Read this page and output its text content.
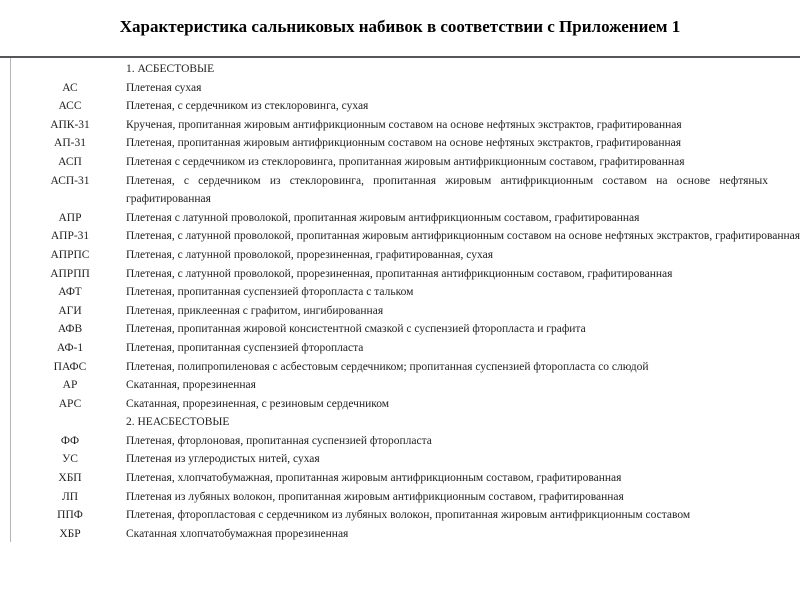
Характеристика сальниковых набивок в соответствии с Приложением 1
1. АСБЕСТОВЫЕ
АС	Плетеная сухая
АСС	Плетеная, с сердечником из стеклоровинга, сухая
АПК-31	Крученая, пропитанная жировым антифрикционным составом на основе нефтяных экстрактов, графитированная
АП-31	Плетеная, пропитанная жировым антифрикционным составом на основе нефтяных экстрактов, графитированная
АСП	Плетеная с сердечником из стеклоровинга, пропитанная жировым антифрикционным составом, графитированная
АСП-31	Плетеная, с сердечником из стеклоровинга, пропитанная жировым антифрикционным составом на основе нефтяных
графитированная
АПР	Плетеная с латунной проволокой, пропитанная жировым антифрикционным составом, графитированная
АПР-31	Плетеная, с латунной проволокой, пропитанная жировым антифрикционным составом на основе нефтяных экстрактов, графитированная
АПРПС	Плетеная, с латунной проволокой, прорезиненная, графитированная, сухая
АПРПП	Плетеная, с латунной проволокой, прорезиненная, пропитанная антифрикционным составом, графитированная
АФТ	Плетеная, пропитанная суспензией фторопласта с тальком
АГИ	Плетеная, приклеенная с графитом, ингибированная
АФВ	Плетеная, пропитанная жировой консистентной смазкой с суспензией фторопласта и графита
АФ-1	Плетеная, пропитанная суспензией фторопласта
ПАФС	Плетеная, полипропиленовая с асбестовым сердечником; пропитанная суспензией фторопласта со слюдой
АР	Скатанная, прорезиненная
АРС	Скатанная, прорезиненная, с резиновым сердечником
2. НЕАСБЕСТОВЫЕ
ФФ	Плетеная, фторлоновая, пропитанная суспензией фторопласта
УС	Плетеная из углеродистых нитей, сухая
ХБП	Плетеная, хлопчатобумажная, пропитанная жировым антифрикционным составом, графитированная
ЛП	Плетеная из лубяных волокон, пропитанная жировым антифрикционным составом, графитированная
ППФ	Плетеная, фторопластовая с сердечником из лубяных волокон, пропитанная жировым антифрикционным составом
ХБР	Скатанная хлопчатобумажная прорезиненная
